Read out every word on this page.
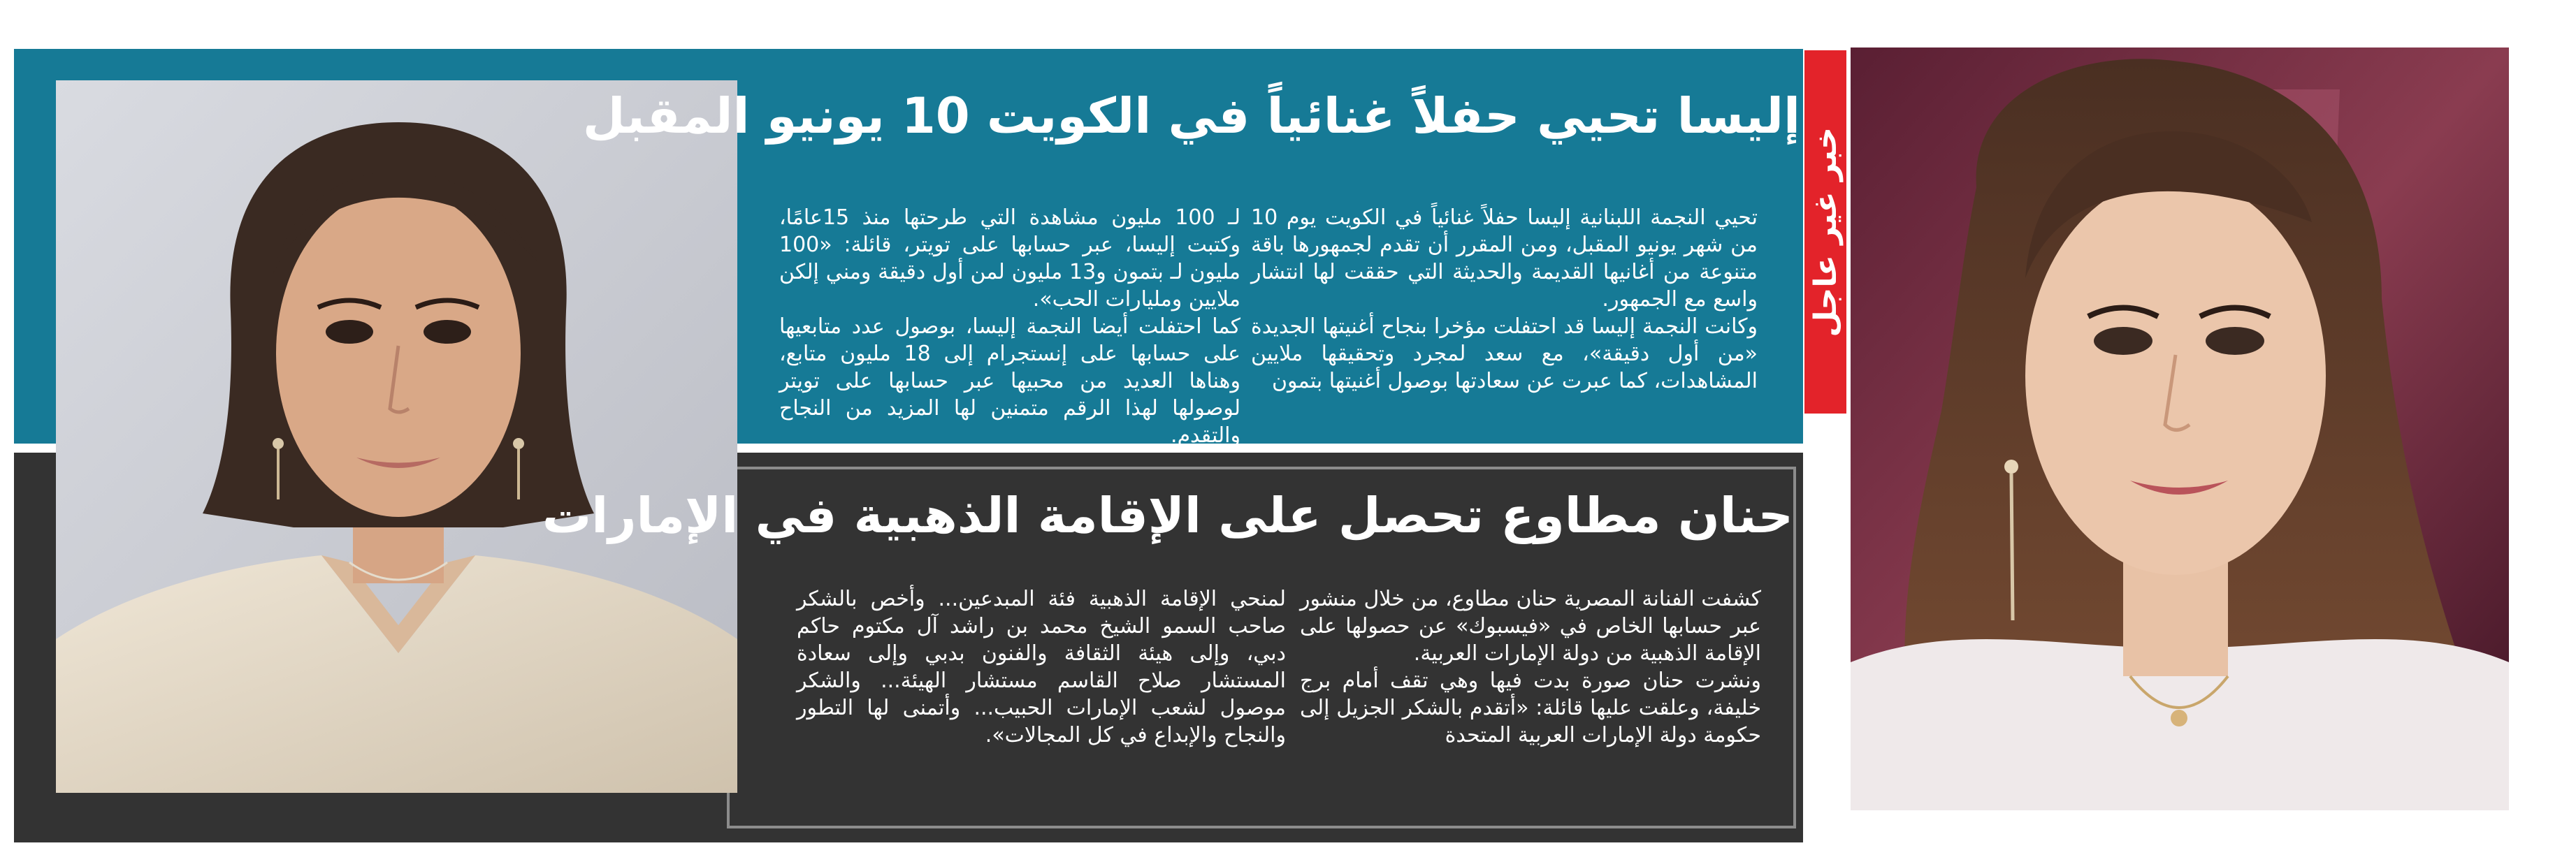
خبر غير عاجل
إليسا تحيي حفلاً غنائياً في الكويت 10 يونيو المقبل

تحيي النجمة اللبنانية إليسا حفلاً غنائياً في الكويت يوم 10 من شهر يونيو المقبل، ومن المقرر أن تقدم لجمهورها باقة متنوعة من أغانيها القديمة والحديثة التي حققت لها انتشار واسع مع الجمهور.

وكانت النجمة إليسا قد احتفلت مؤخرا بنجاح أغنيتها الجديدة «من أول دقيقة»، مع سعد لمجرد وتحقيقها ملايين المشاهدات، كما عبرت عن سعادتها بوصول أغنيتها بتمون

لـ 100 مليون مشاهدة التي طرحتها منذ 15عامًا، وكتبت إليسا، عبر حسابها على تويتر، قائلة: «100 مليون لـ بتمون و13 مليون لمن أول دقيقة ومني إلكن ملايين ومليارات الحب».

كما احتفلت أيضا النجمة إليسا، بوصول عدد متابعيها على حسابها على إنستجرام إلى 18 مليون متابع، وهناها العديد من محبيها عبر حسابها على تويتر لوصولها لهذا الرقم متمنين لها المزيد من النجاح والتقدم.

حنان مطاوع تحصل على الإقامة الذهبية في الإمارات

كشفت الفنانة المصرية حنان مطاوع، من خلال منشور عبر حسابها الخاص في «فيسبوك» عن حصولها على الإقامة الذهبية من دولة الإمارات العربية.

ونشرت حنان صورة بدت فيها وهي تقف أمام برج خليفة، وعلقت عليها قائلة: «أتقدم بالشكر الجزيل إلى حكومة دولة الإمارات العربية المتحدة

لمنحي الإقامة الذهبية فئة المبدعين... وأخص بالشكر صاحب السمو الشيخ محمد بن راشد آل مكتوم حاكم دبي، وإلى هيئة الثقافة والفنون بدبي وإلى سعادة المستشار صلاح القاسم مستشار الهيئة... والشكر موصول لشعب الإمارات الحبيب... وأتمنى لها التطور والنجاح والإبداع في كل المجالات».
